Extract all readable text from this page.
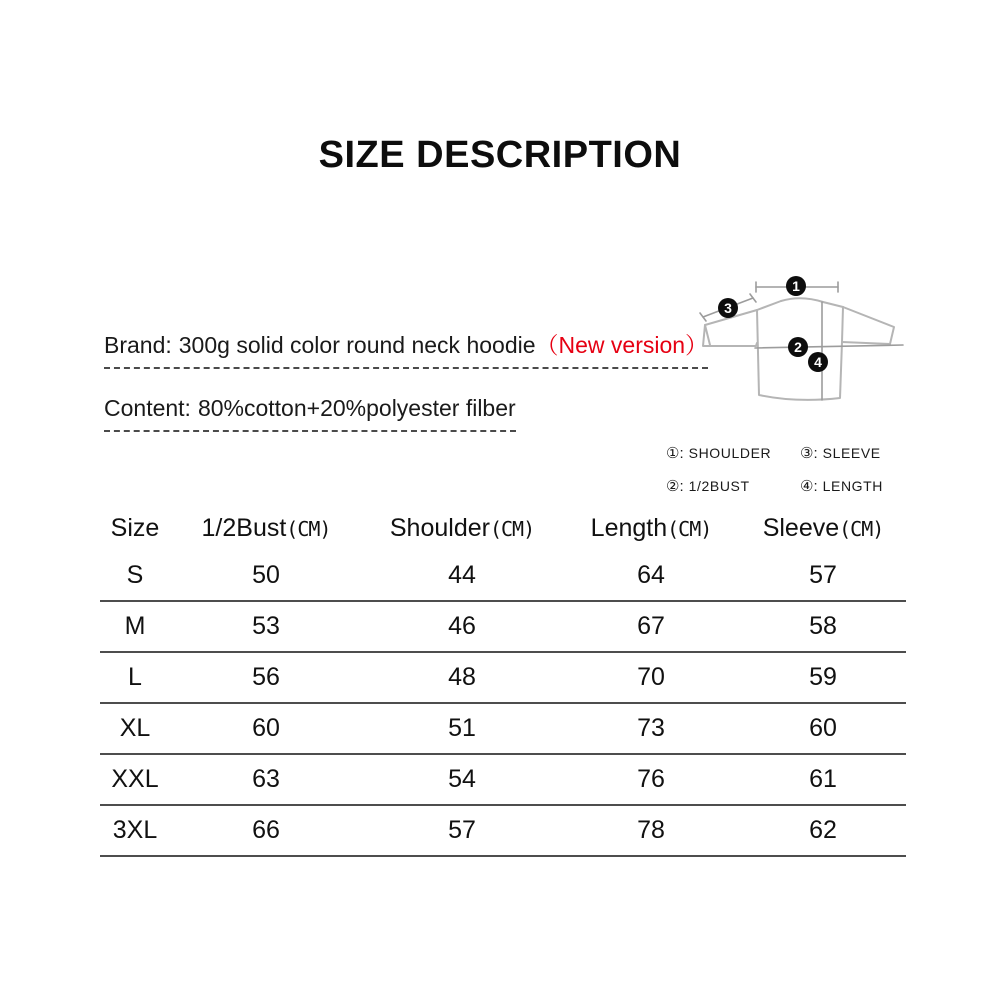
SIZE DESCRIPTION
Brand: 300g solid color round neck hoodie（New version）
Content: 80%cotton+20%polyester filber
1
3
2
4
①: SHOULDER	③: SLEEVE
②: 1/2BUST	④: LENGTH
Size	1/2Bust(CM)	Shoulder(CM)	Length(CM)	Sleeve(CM)
S	50	44	64	57
M	53	46	67	58
L	56	48	70	59
XL	60	51	73	60
XXL	63	54	76	61
3XL	66	57	78	62
